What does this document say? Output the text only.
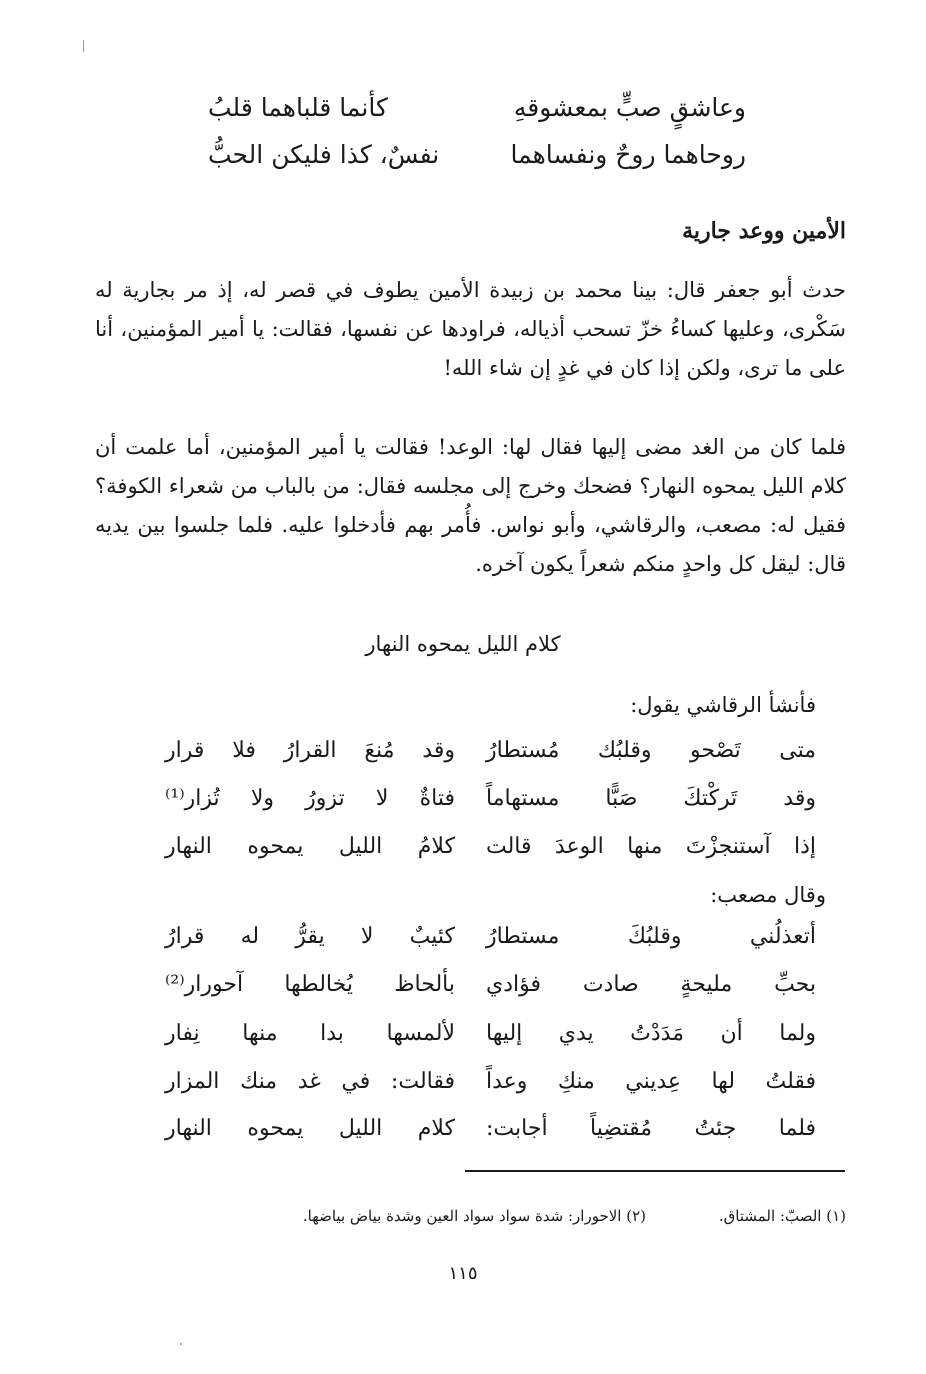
وعاشقٍ صبٍّ بمعشوقهِ
كأنما قلباهما قلبُ
روحاهما روحٌ ونفساهما
نفسٌ، كذا فليكن الحبُّ
الأمين ووعد جارية
حدث أبو جعفر قال: بينا محمد بن زبيدة الأمين يطوف في قصر له، إذ مر بجارية له سَكْرى، وعليها كساءُ خزّ تسحب أذياله، فراودها عن نفسها، فقالت: يا أمير المؤمنين، أنا على ما ترى، ولكن إذا كان في غدٍ إن شاء الله!
فلما كان من الغد مضى إليها فقال لها: الوعد! فقالت يا أمير المؤمنين، أما علمت أن كلام الليل يمحوه النهار؟ فضحك وخرج إلى مجلسه فقال: من بالباب من شعراء الكوفة؟ فقيل له: مصعب، والرقاشي، وأبو نواس. فأُمر بهم فأدخلوا عليه. فلما جلسوا بين يديه قال: ليقل كل واحدٍ منكم شعراً يكون آخره.
كلام الليل يمحوه النهار
فأنشأ الرقاشي يقول:
متى تَصْحو وقلبُك مُستطارُ
وقد مُنعَ القرارُ فلا قرار
وقد تَركْتكَ صَبًّا مستهاماً
فتاةٌ لا تزورُ ولا تُزار⁽¹⁾
إذا آستنجزْتَ منها الوعدَ قالت
كلامُ الليل يمحوه النهار
وقال مصعب:
أتعذلُني وقلبُكَ مستطارُ
كئيبٌ لا يقرُّ له قرارُ
بحبِّ مليحةٍ صادت فؤادي
بألحاظ يُخالطها آحورار⁽²⁾
ولما أن مَدَدْتُ يدي إليها
لألمسها بدا منها نِفار
فقلتُ لها عِديني منكِ وعداً
فقالت: في غد منك المزار
فلما جئتُ مُقتضِياً أجابت:
كلام الليل يمحوه النهار
(١) الصبّ: المشتاق.
(٢) الاحورار: شدة سواد سواد العين وشدة بياض بياضها.
١١٥
